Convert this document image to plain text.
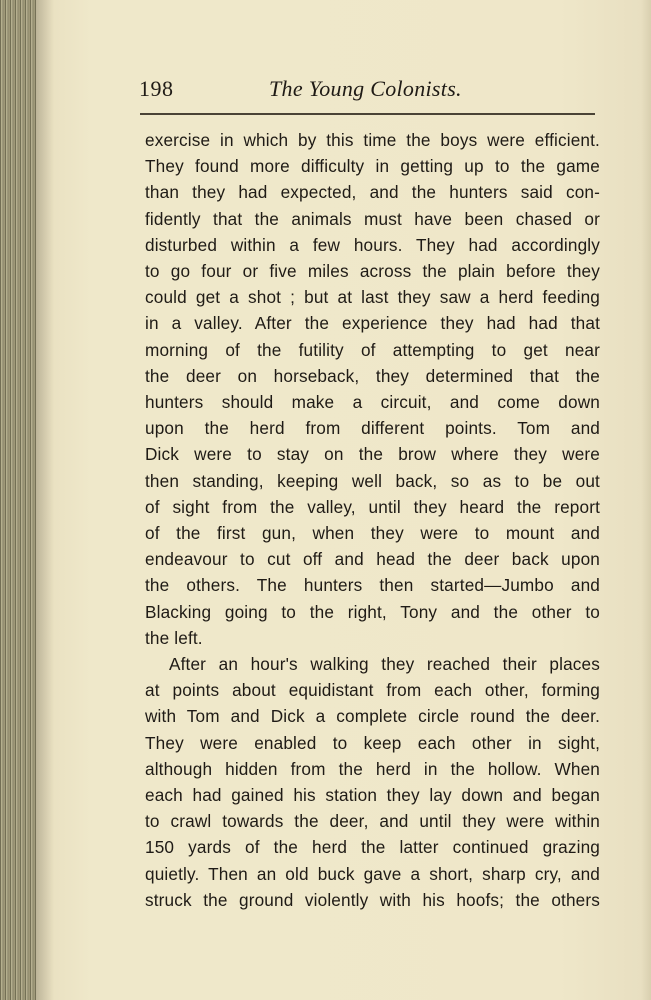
198	The Young Colonists.
exercise in which by this time the boys were efficient.
They found more difficulty in getting up to the game
than they had expected, and the hunters said con-
fidently that the animals must have been chased or
disturbed within a few hours. They had accordingly
to go four or five miles across the plain before they
could get a shot ; but at last they saw a herd feeding
in a valley. After the experience they had had that
morning of the futility of attempting to get near
the deer on horseback, they determined that the
hunters should make a circuit, and come down
upon the herd from different points. Tom and
Dick were to stay on the brow where they were
then standing, keeping well back, so as to be out
of sight from the valley, until they heard the report
of the first gun, when they were to mount and
endeavour to cut off and head the deer back upon
the others. The hunters then started—Jumbo and
Blacking going to the right, Tony and the other to
the left.
After an hour's walking they reached their places
at points about equidistant from each other, forming
with Tom and Dick a complete circle round the deer.
They were enabled to keep each other in sight,
although hidden from the herd in the hollow. When
each had gained his station they lay down and began
to crawl towards the deer, and until they were within
150 yards of the herd the latter continued grazing
quietly. Then an old buck gave a short, sharp cry, and
struck the ground violently with his hoofs; the others
